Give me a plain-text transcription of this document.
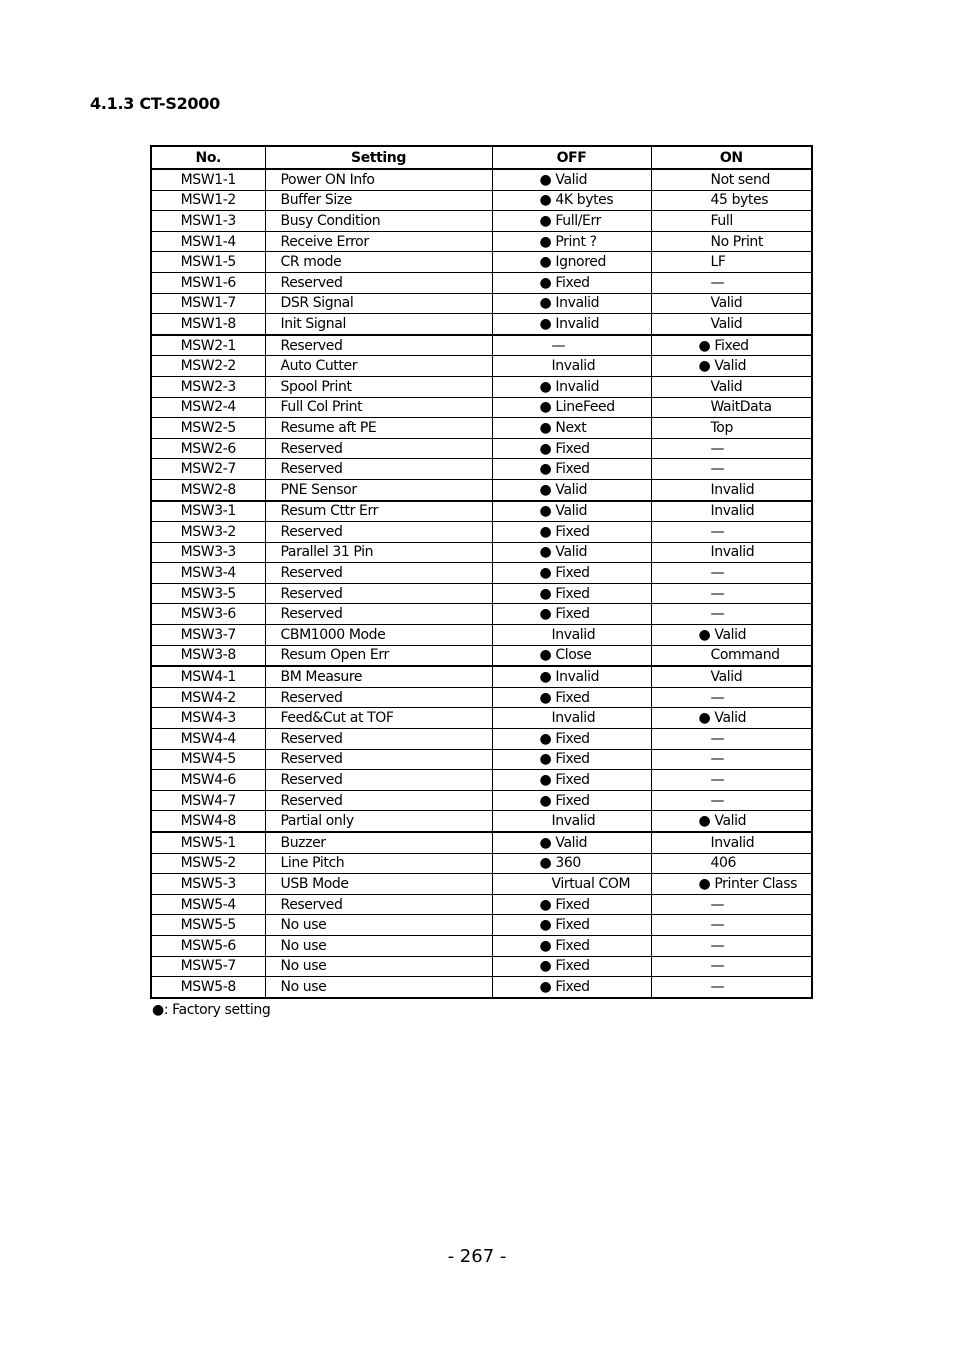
4.1.3 CT-S2000
No.	Setting	OFF	ON
MSW1-1	Power ON Info	● Valid	Not send
MSW1-2	Buffer Size	● 4K bytes	45 bytes
MSW1-3	Busy Condition	● Full/Err	Full
MSW1-4	Receive Error	● Print ?	No Print
MSW1-5	CR mode	● Ignored	LF
MSW1-6	Reserved	● Fixed	—
MSW1-7	DSR Signal	● Invalid	Valid
MSW1-8	Init Signal	● Invalid	Valid
MSW2-1	Reserved	—	● Fixed
MSW2-2	Auto Cutter	Invalid	● Valid
MSW2-3	Spool Print	● Invalid	Valid
MSW2-4	Full Col Print	● LineFeed	WaitData
MSW2-5	Resume aft PE	● Next	Top
MSW2-6	Reserved	● Fixed	—
MSW2-7	Reserved	● Fixed	—
MSW2-8	PNE Sensor	● Valid	Invalid
MSW3-1	Resum Cttr Err	● Valid	Invalid
MSW3-2	Reserved	● Fixed	—
MSW3-3	Parallel 31 Pin	● Valid	Invalid
MSW3-4	Reserved	● Fixed	—
MSW3-5	Reserved	● Fixed	—
MSW3-6	Reserved	● Fixed	—
MSW3-7	CBM1000 Mode	Invalid	● Valid
MSW3-8	Resum Open Err	● Close	Command
MSW4-1	BM Measure	● Invalid	Valid
MSW4-2	Reserved	● Fixed	—
MSW4-3	Feed&Cut at TOF	Invalid	● Valid
MSW4-4	Reserved	● Fixed	—
MSW4-5	Reserved	● Fixed	—
MSW4-6	Reserved	● Fixed	—
MSW4-7	Reserved	● Fixed	—
MSW4-8	Partial only	Invalid	● Valid
MSW5-1	Buzzer	● Valid	Invalid
MSW5-2	Line Pitch	● 360	406
MSW5-3	USB Mode	Virtual COM	● Printer Class
MSW5-4	Reserved	● Fixed	—
MSW5-5	No use	● Fixed	—
MSW5-6	No use	● Fixed	—
MSW5-7	No use	● Fixed	—
MSW5-8	No use	● Fixed	—
●: Factory setting
- 267 -
